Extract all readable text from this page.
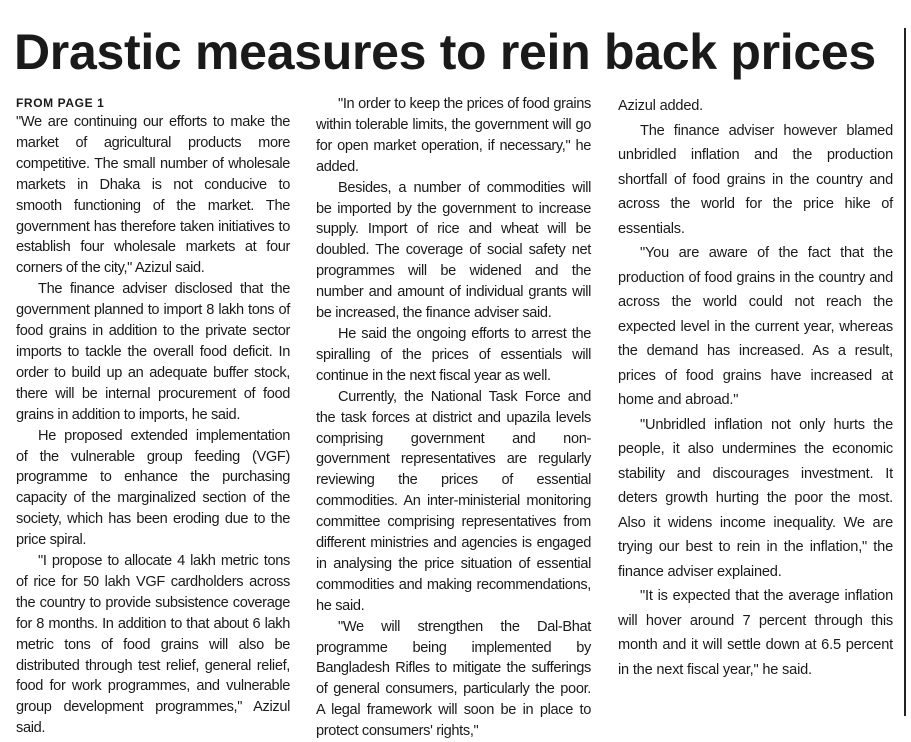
Drastic measures to rein back prices
FROM PAGE 1

"We are continuing our efforts to make the market of agricultural products more competitive. The small number of wholesale markets in Dhaka is not conducive to smooth functioning of the market. The government has therefore taken initiatives to establish four wholesale markets at four corners of the city," Azizul said.

The finance adviser disclosed that the government planned to import 8 lakh tons of food grains in addition to the private sector imports to tackle the overall food deficit. In order to build up an adequate buffer stock, there will be internal procurement of food grains in addition to imports, he said.

He proposed extended implementation of the vulnerable group feeding (VGF) programme to enhance the purchasing capacity of the marginalized section of the society, which has been eroding due to the price spiral.

"I propose to allocate 4 lakh metric tons of rice for 50 lakh VGF cardholders across the country to provide subsistence coverage for 8 months. In addition to that about 6 lakh metric tons of food grains will also be distributed through test relief, general relief, food for work programmes, and vulnerable group development programmes," Azizul said.

"In order to keep the prices of food grains within tolerable limits, the government will go for open market operation, if necessary," he added.

Besides, a number of commodities will be imported by the government to increase supply. Import of rice and wheat will be doubled. The coverage of social safety net programmes will be widened and the number and amount of individual grants will be increased, the finance adviser said.

He said the ongoing efforts to arrest the spiralling of the prices of essentials will continue in the next fiscal year as well.

Currently, the National Task Force and the task forces at district and upazila levels comprising government and non-government representatives are regularly reviewing the prices of essential commodities. An inter-ministerial monitoring committee comprising representatives from different ministries and agencies is engaged in analysing the price situation of essential commodities and making recommendations, he said.

"We will strengthen the Dal-Bhat programme being implemented by Bangladesh Rifles to mitigate the sufferings of general consumers, particularly the poor. A legal framework will soon be in place to protect consumers' rights,"

Azizul added.

The finance adviser however blamed unbridled inflation and the production shortfall of food grains in the country and across the world for the price hike of essentials.

"You are aware of the fact that the production of food grains in the country and across the world could not reach the expected level in the current year, whereas the demand has increased. As a result, prices of food grains have increased at home and abroad."

"Unbridled inflation not only hurts the people, it also undermines the economic stability and discourages investment. It deters growth hurting the poor the most. Also it widens income inequality. We are trying our best to rein in the inflation," the finance adviser explained.

"It is expected that the average inflation will hover around 7 percent through this month and it will settle down at 6.5 percent in the next fiscal year," he said.
